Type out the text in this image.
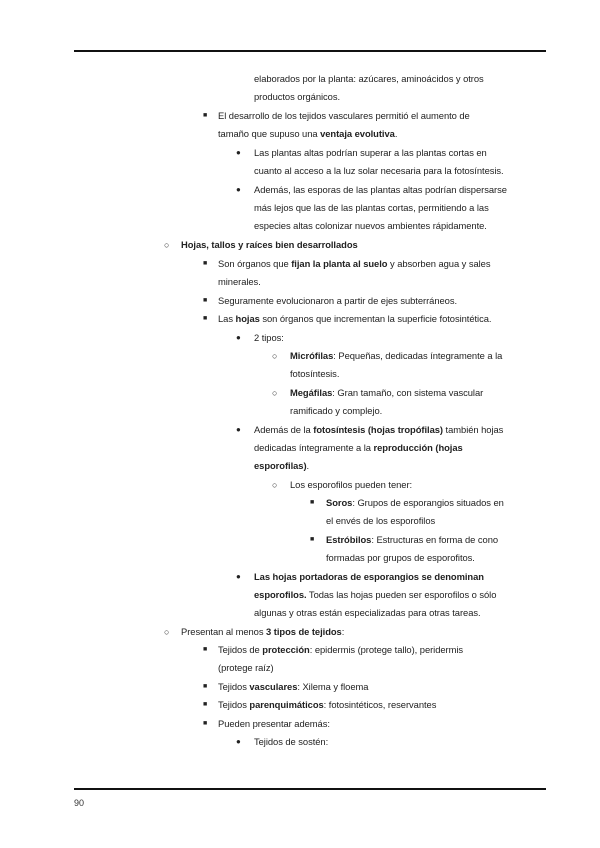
elaborados por la planta: azúcares, aminoácidos y otros
productos orgánicos.
■ El desarrollo de los tejidos vasculares permitió el aumento de
tamaño que supuso una ventaja evolutiva.
● Las plantas altas podrían superar a las plantas cortas en
cuanto al acceso a la luz solar necesaria para la fotosíntesis.
● Además, las esporas de las plantas altas podrían dispersarse
más lejos que las de las plantas cortas, permitiendo a las
especies altas colonizar nuevos ambientes rápidamente.
○ Hojas, tallos y raíces bien desarrollados
■ Son órganos que fijan la planta al suelo y absorben agua y sales
minerales.
■ Seguramente evolucionaron a partir de ejes subterráneos.
■ Las hojas son órganos que incrementan la superficie fotosintética.
● 2 tipos:
○ Micrófilas: Pequeñas, dedicadas íntegramente a la
fotosíntesis.
○ Megáfilas: Gran tamaño, con sistema vascular
ramificado y complejo.
● Además de la fotosíntesis (hojas tropófilas) también hojas
dedicadas íntegramente a la reproducción (hojas
esporofilas).
○ Los esporofilos pueden tener:
■ Soros: Grupos de esporangios situados en
el envés de los esporofilos
■ Estróbilos: Estructuras en forma de cono
formadas por grupos de esporofitos.
● Las hojas portadoras de esporangios se denominan
esporofilos. Todas las hojas pueden ser esporofilos o sólo
algunas y otras están especializadas para otras tareas.
○ Presentan al menos 3 tipos de tejidos:
■ Tejidos de protección: epidermis (protege tallo), peridermis
(protege raíz)
■ Tejidos vasculares: Xilema y floema
■ Tejidos parenquimáticos: fotosintéticos, reservantes
■ Pueden presentar además:
● Tejidos de sostén:
90
